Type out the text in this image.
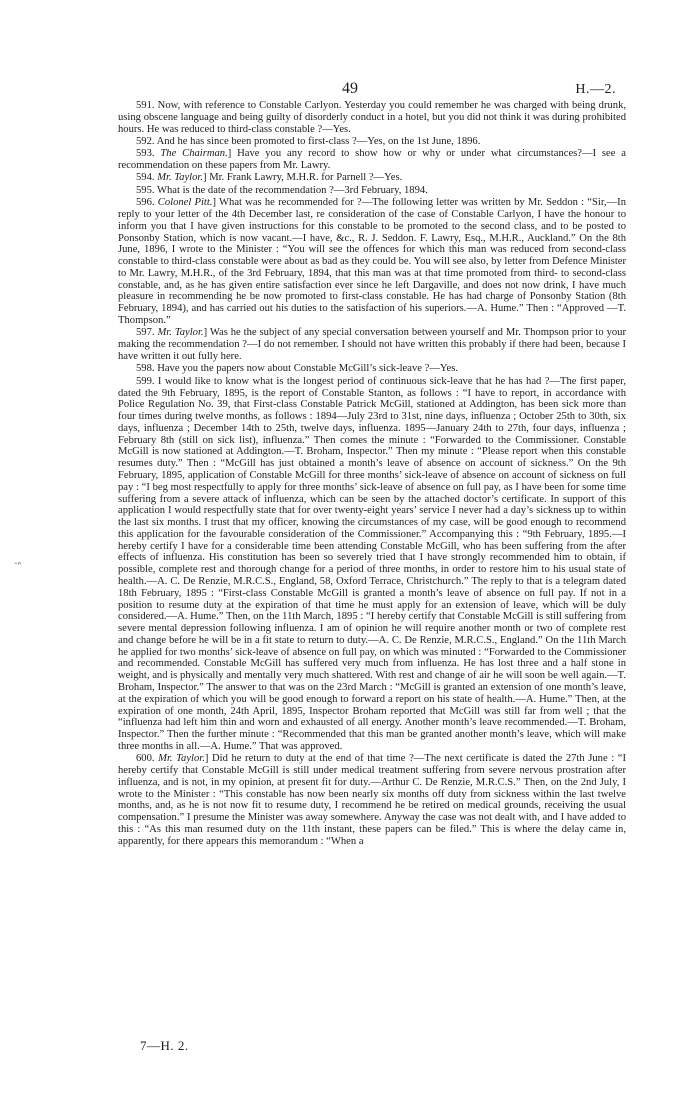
49	H.—2.
ᐨᐢ

591. Now, with reference to Constable Carlyon. Yesterday you could remember he was charged with being drunk, using obscene language and being guilty of disorderly conduct in a hotel, but you did not think it was during prohibited hours. He was reduced to third-class constable ?—Yes.

592. And he has since been promoted to first-class ?—Yes, on the 1st June, 1896.

593. The Chairman.] Have you any record to show how or why or under what circumstances?—I see a recommendation on these papers from Mr. Lawry.

594. Mr. Taylor.] Mr. Frank Lawry, M.H.R. for Parnell ?—Yes.

595. What is the date of the recommendation ?—3rd February, 1894.

596. Colonel Pitt.] What was he recommended for ?—The following letter was written by Mr. Seddon : “Sir,—In reply to your letter of the 4th December last, re consideration of the case of Constable Carlyon, I have the honour to inform you that I have given instructions for this constable to be promoted to the second class, and to be posted to Ponsonby Station, which is now vacant.—I have, &c., R. J. Seddon. F. Lawry, Esq., M.H.R., Auckland.” On the 8th June, 1896, I wrote to the Minister : “You will see the offences for which this man was reduced from second-class constable to third-class constable were about as bad as they could be. You will see also, by letter from Defence Minister to Mr. Lawry, M.H.R., of the 3rd February, 1894, that this man was at that time promoted from third- to second-class constable, and, as he has given entire satisfaction ever since he left Dargaville, and does not now drink, I have much pleasure in recommending he be now promoted to first-class constable. He has had charge of Ponsonby Station (8th February, 1894), and has carried out his duties to the satisfaction of his superiors.—A. Hume.” Then : “Approved —T. Thompson.”

597. Mr. Taylor.] Was he the subject of any special conversation between yourself and Mr. Thompson prior to your making the recommendation ?—I do not remember. I should not have written this probably if there had been, because I have written it out fully here.

598. Have you the papers now about Constable McGill’s sick-leave ?—Yes.

599. I would like to know what is the longest period of continuous sick-leave that he has had ?—The first paper, dated the 9th February, 1895, is the report of Constable Stanton, as follows : “I have to report, in accordance with Police Regulation No. 39, that First-class Constable Patrick McGill, stationed at Addington, has been sick more than four times during twelve months, as follows : 1894—July 23rd to 31st, nine days, influenza ; October 25th to 30th, six days, influenza ; December 14th to 25th, twelve days, influenza. 1895—January 24th to 27th, four days, influenza ; February 8th (still on sick list), influenza.” Then comes the minute : “Forwarded to the Commissioner. Constable McGill is now stationed at Addington.—T. Broham, Inspector.” Then my minute : “Please report when this constable resumes duty.” Then : “McGill has just obtained a month’s leave of absence on account of sickness.” On the 9th February, 1895, application of Constable McGill for three months’ sick-leave of absence on account of sickness on full pay : “I beg most respectfully to apply for three months’ sick-leave of absence on full pay, as I have been for some time suffering from a severe attack of influenza, which can be seen by the attached doctor’s certificate. In support of this application I would respectfully state that for over twenty-eight years’ service I never had a day’s sickness up to within the last six months. I trust that my officer, knowing the circumstances of my case, will be good enough to recommend this application for the favourable consideration of the Commissioner.” Accompanying this : “9th February, 1895.—I hereby certify I have for a considerable time been attending Constable McGill, who has been suffering from the after effects of influenza. His constitution has been so severely tried that I have strongly recommended him to obtain, if possible, complete rest and thorough change for a period of three months, in order to restore him to his usual state of health.—A. C. De Renzie, M.R.C.S., England, 58, Oxford Terrace, Christchurch.” The reply to that is a telegram dated 18th February, 1895 : “First-class Constable McGill is granted a month’s leave of absence on full pay. If not in a position to resume duty at the expiration of that time he must apply for an extension of leave, which will be duly considered.—A. Hume.” Then, on the 11th March, 1895 : “I hereby certify that Constable McGill is still suffering from severe mental depression following influenza. I am of opinion he will require another month or two of complete rest and change before he will be in a fit state to return to duty.—A. C. De Renzie, M.R.C.S., England.” On the 11th March he applied for two months’ sick-leave of absence on full pay, on which was minuted : “Forwarded to the Commissioner and recommended. Constable McGill has suffered very much from influenza. He has lost three and a half stone in weight, and is physically and mentally very much shattered. With rest and change of air he will soon be well again.—T. Broham, Inspector.” The answer to that was on the 23rd March : “McGill is granted an extension of one month’s leave, at the expiration of which you will be good enough to forward a report on his state of health.—A. Hume.” Then, at the expiration of one month, 24th April, 1895, Inspector Broham reported that McGill was still far from well ; that the “influenza had left him thin and worn and exhausted of all energy. Another month’s leave recommended.—T. Broham, Inspector.” Then the further minute : “Recommended that this man be granted another month’s leave, which will make three months in all.—A. Hume.” That was approved.

600. Mr. Taylor.] Did he return to duty at the end of that time ?—The next certificate is dated the 27th June : “I hereby certify that Constable McGill is still under medical treatment suffering from severe nervous prostration after influenza, and is not, in my opinion, at present fit for duty.—Arthur C. De Renzie, M.R.C.S.” Then, on the 2nd July, I wrote to the Minister : “This constable has now been nearly six months off duty from sickness within the last twelve months, and, as he is not now fit to resume duty, I recommend he be retired on medical grounds, receiving the usual compensation.” I presume the Minister was away somewhere. Anyway the case was not dealt with, and I have added to this : “As this man resumed duty on the 11th instant, these papers can be filed.” This is where the delay came in, apparently, for there appears this memorandum : “When a

7—H. 2.
